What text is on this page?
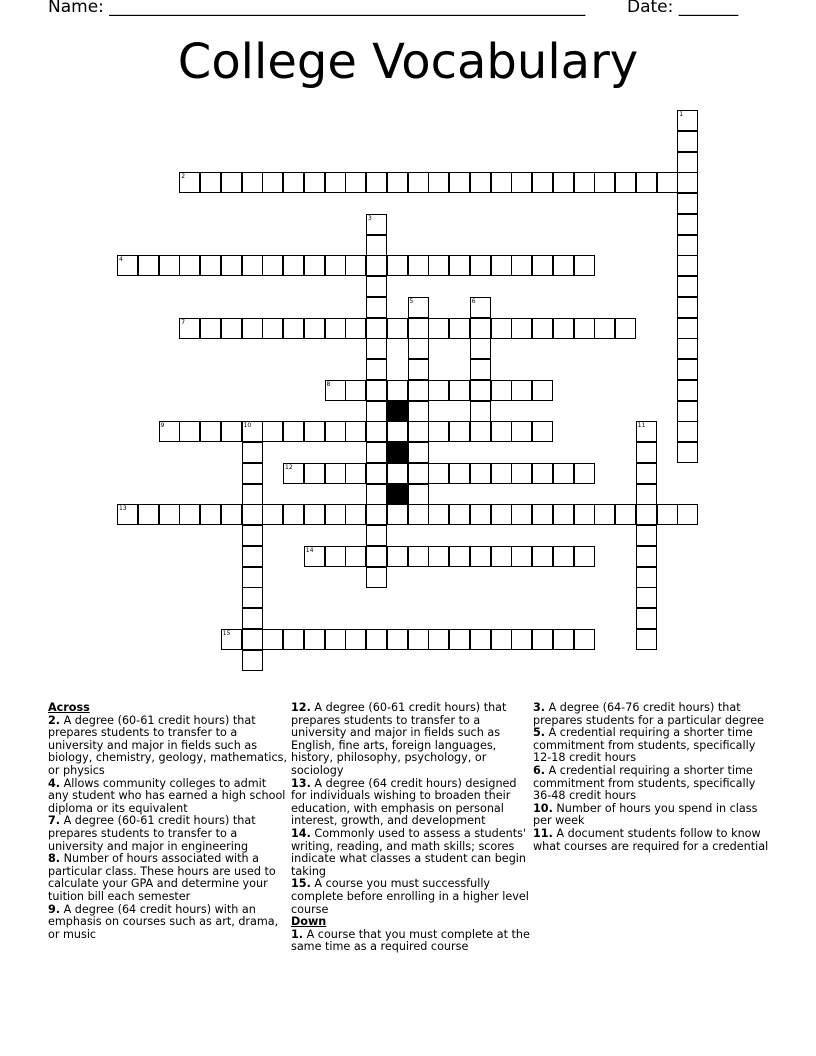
Name: ________________________________________________________ Date: _______
College Vocabulary
1
2
3
4
5	6
7
8
9	10	11
12
13
14
15
Across
2. A degree (60-61 credit hours) that prepares students to transfer to a university and major in fields such as biology, chemistry, geology, mathematics, or physics
4. Allows community colleges to admit any student who has earned a high school diploma or its equivalent
7. A degree (60-61 credit hours) that prepares students to transfer to a university and major in engineering
8. Number of hours associated with a particular class. These hours are used to calculate your GPA and determine your tuition bill each semester
9. A degree (64 credit hours) with an emphasis on courses such as art, drama, or music
12. A degree (60-61 credit hours) that prepares students to transfer to a university and major in fields such as English, fine arts, foreign languages, history, philosophy, psychology, or sociology
13. A degree (64 credit hours) designed for individuals wishing to broaden their education, with emphasis on personal interest, growth, and development
14. Commonly used to assess a students' writing, reading, and math skills; scores indicate what classes a student can begin taking
15. A course you must successfully complete before enrolling in a higher level course
Down
1. A course that you must complete at the same time as a required course
3. A degree (64-76 credit hours) that prepares students for a particular degree
5. A credential requiring a shorter time commitment from students, specifically 12-18 credit hours
6. A credential requiring a shorter time commitment from students, specifically 36-48 credit hours
10. Number of hours you spend in class per week
11. A document students follow to know what courses are required for a credential
